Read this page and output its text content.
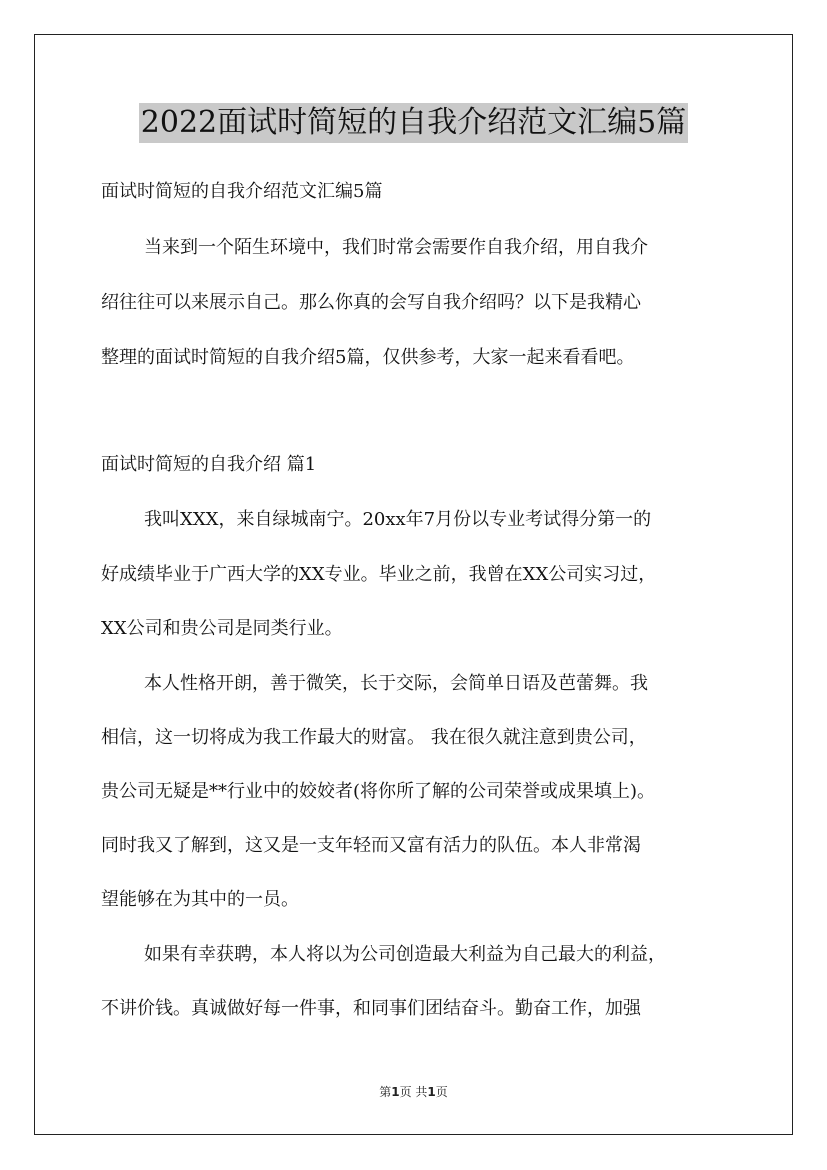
2022面试时简短的自我介绍范文汇编5篇
面试时简短的自我介绍范文汇编5篇
当来到一个陌生环境中，我们时常会需要作自我介绍，用自我介
绍往往可以来展示自己。那么你真的会写自我介绍吗？以下是我精心
整理的面试时简短的自我介绍5篇，仅供参考，大家一起来看看吧。
面试时简短的自我介绍 篇1
我叫XXX，来自绿城南宁。20xx年7月份以专业考试得分第一的
好成绩毕业于广西大学的XX专业。毕业之前，我曾在XX公司实习过，
XX公司和贵公司是同类行业。
本人性格开朗，善于微笑，长于交际，会简单日语及芭蕾舞。我
相信，这一切将成为我工作最大的财富。 我在很久就注意到贵公司，
贵公司无疑是**行业中的姣姣者(将你所了解的公司荣誉或成果填上)。
同时我又了解到，这又是一支年轻而又富有活力的队伍。本人非常渴
望能够在为其中的一员。
如果有幸获聘，本人将以为公司创造最大利益为自己最大的利益，
不讲价钱。真诚做好每一件事，和同事们团结奋斗。勤奋工作，加强
第1页 共1页
